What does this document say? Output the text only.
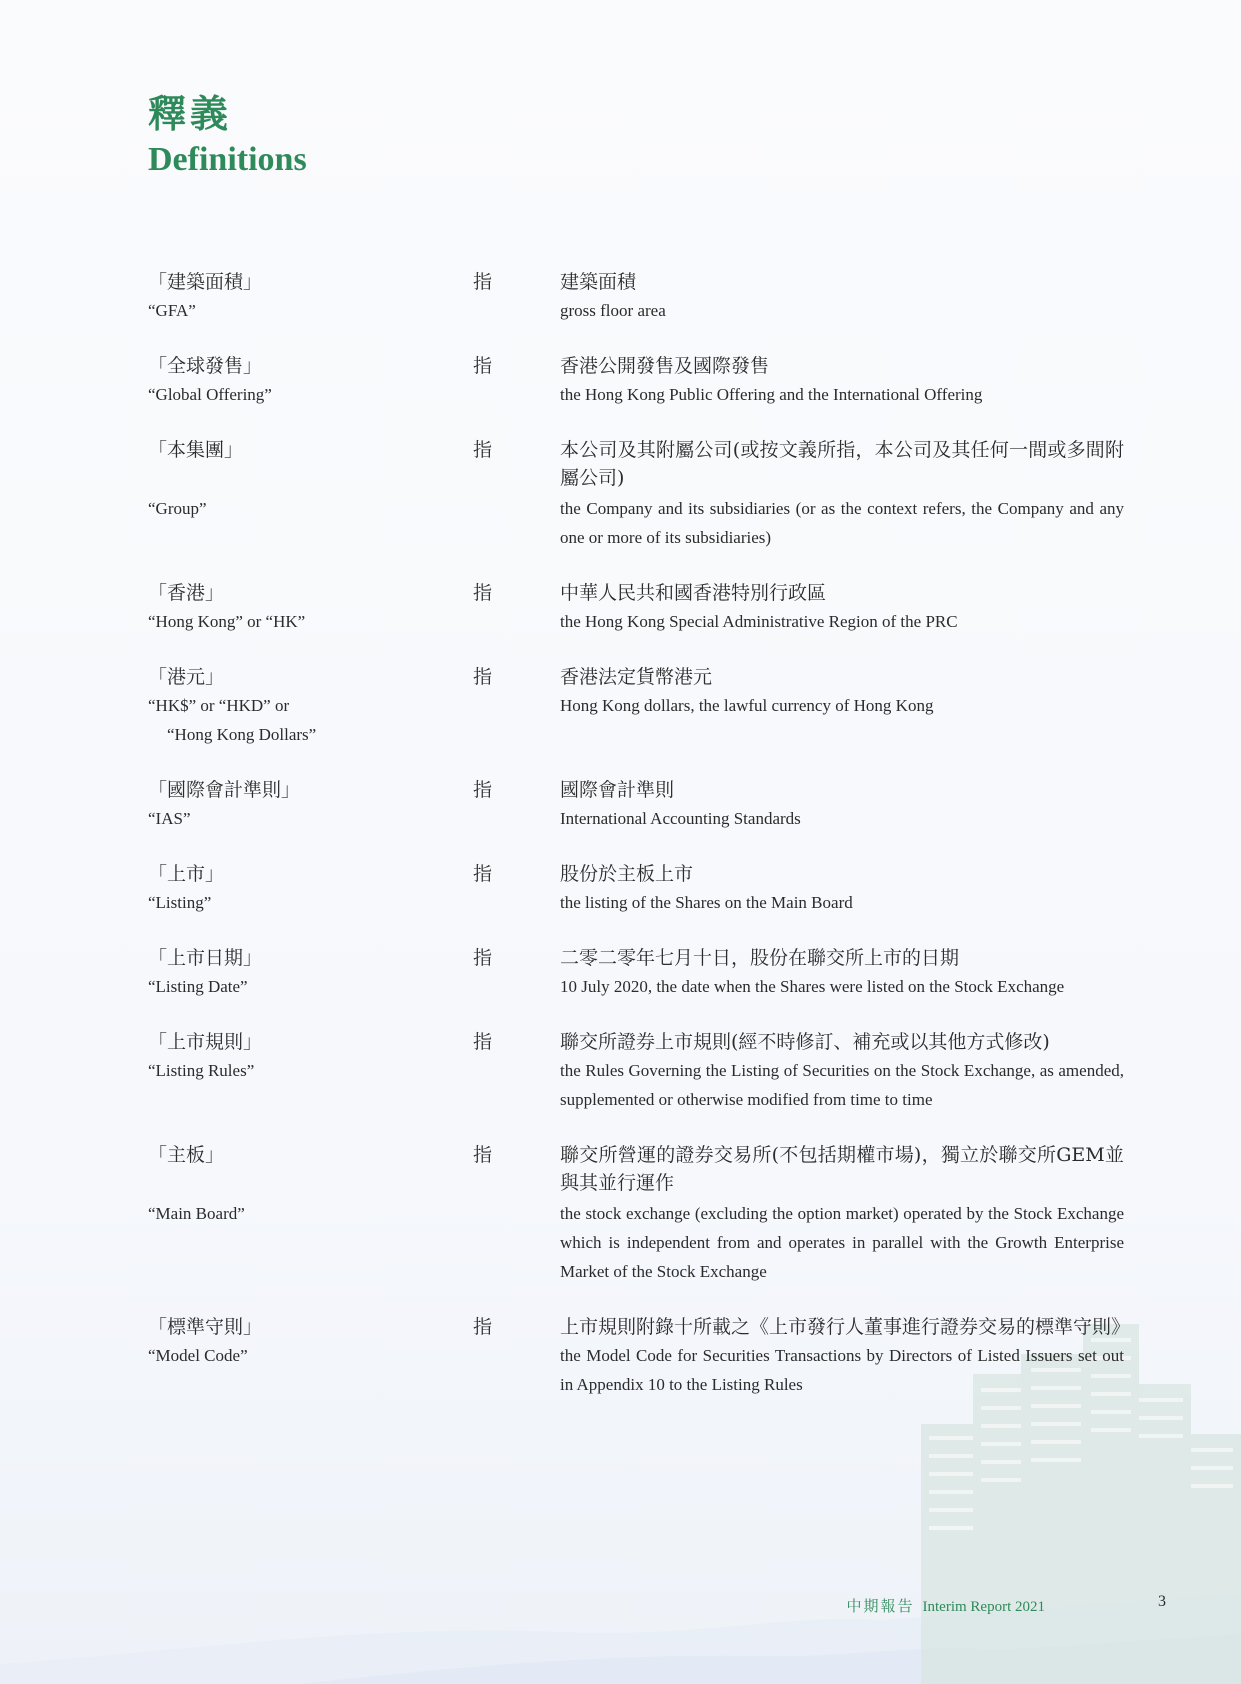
釋義
Definitions
「建築面積」
“GFA”
指	建築面積
gross floor area
「全球發售」
“Global Offering”
指	香港公開發售及國際發售
the Hong Kong Public Offering and the International Offering
「本集團」	指	本公司及其附屬公司(或按文義所指，本公司及其任何一間或多間附屬公司)
“Group”	the Company and its subsidiaries (or as the context refers, the Company and any one or more of its subsidiaries)
「香港」
“Hong Kong” or “HK”
指	中華人民共和國香港特別行政區
the Hong Kong Special Administrative Region of the PRC
「港元」
“HK$” or “HKD” or
“Hong Kong Dollars”
指	香港法定貨幣港元
Hong Kong dollars, the lawful currency of Hong Kong
「國際會計準則」
“IAS”
指	國際會計準則
International Accounting Standards
「上市」
“Listing”
指	股份於主板上市
the listing of the Shares on the Main Board
「上市日期」
“Listing Date”
指	二零二零年七月十日，股份在聯交所上市的日期
10 July 2020, the date when the Shares were listed on the Stock Exchange
「上市規則」
“Listing Rules”
指	聯交所證券上市規則(經不時修訂、補充或以其他方式修改)
the Rules Governing the Listing of Securities on the Stock Exchange, as amended, supplemented or otherwise modified from time to time
「主板」	指	聯交所營運的證券交易所(不包括期權市場)，獨立於聯交所GEM並與其並行運作
“Main Board”	the stock exchange (excluding the option market) operated by the Stock Exchange which is independent from and operates in parallel with the Growth Enterprise Market of the Stock Exchange
「標準守則」
“Model Code”
指	上市規則附錄十所載之《上市發行人董事進行證券交易的標準守則》
the Model Code for Securities Transactions by Directors of Listed Issuers set out in Appendix 10 to the Listing Rules
中期報告 Interim Report 2021	3
